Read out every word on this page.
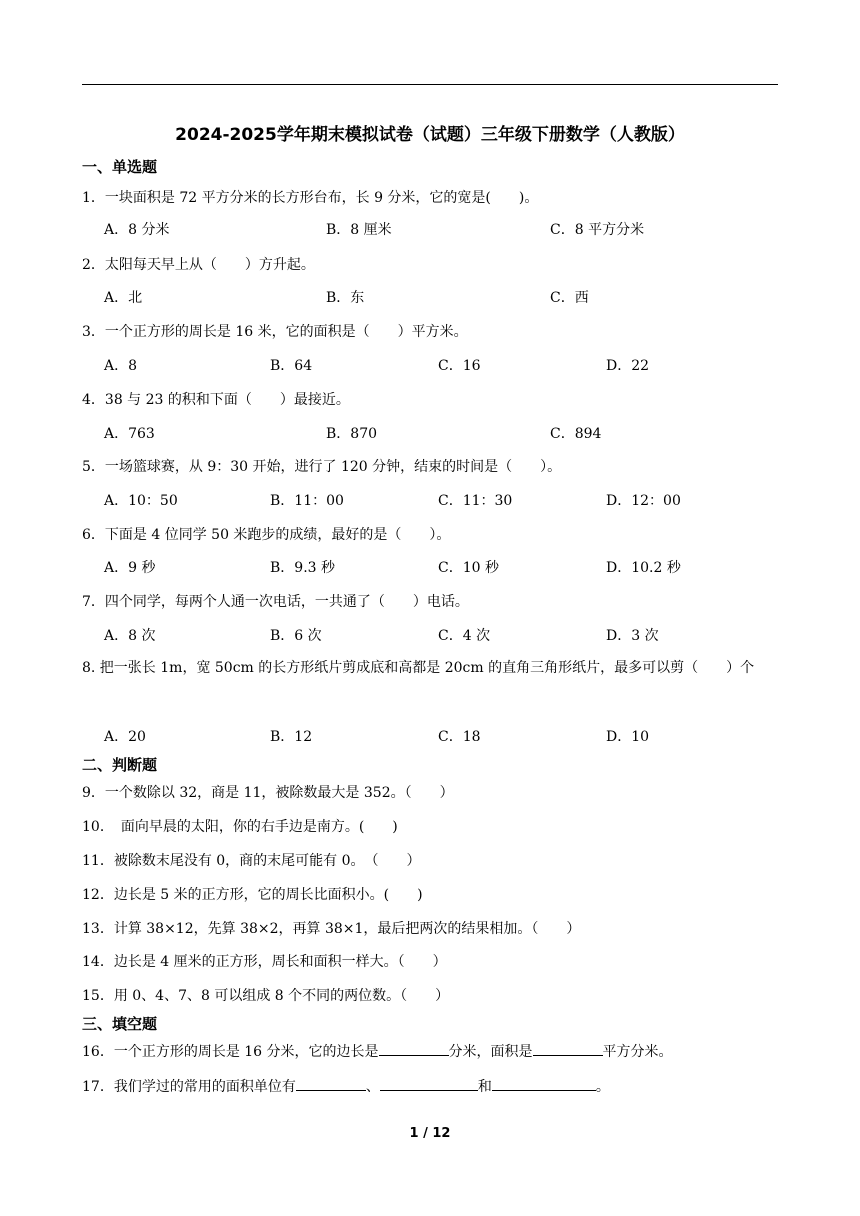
2024-2025学年期末模拟试卷（试题）三年级下册数学（人教版）
一、单选题
1．一块面积是 72 平方分米的长方形台布，长 9 分米，它的宽是(　　)。
A．8 分米	B．8 厘米	C．8 平方分米
2．太阳每天早上从（　　）方升起。
A．北	B．东	C．西
3．一个正方形的周长是 16 米，它的面积是（　　）平方米。
A．8	B．64	C．16	D．22
4．38 与 23 的积和下面（　　）最接近。
A．763	B．870	C．894
5．一场篮球赛，从 9：30 开始，进行了 120 分钟，结束的时间是（　　）。
A．10：50	B．11：00	C．11：30	D．12：00
6．下面是 4 位同学 50 米跑步的成绩，最好的是（　　）。
A．9 秒	B．9.3 秒	C．10 秒	D．10.2 秒
7．四个同学，每两个人通一次电话，一共通了（　　）电话。
A．8 次	B．6 次	C．4 次	D．3 次
8. 把一张长 1m，宽 50cm 的长方形纸片剪成底和高都是 20cm 的直角三角形纸片，最多可以剪（　　）个
A．20	B．12	C．18	D．10
二、判断题
9．一个数除以 32，商是 11，被除数最大是 352。（　　）
10．　面向早晨的太阳，你的右手边是南方。(　　)
11．被除数末尾没有 0，商的末尾可能有 0。　（　　）
12．边长是 5 米的正方形，它的周长比面积小。(　　)
13．计算 38×12，先算 38×2，再算 38×1，最后把两次的结果相加。（　　）
14．边长是 4 厘米的正方形，周长和面积一样大。（　　）
15．用 0、4、7、8 可以组成 8 个不同的两位数。（　　）
三、填空题
16．一个正方形的周长是 16 分米，它的边长是	分米，面积是	平方分米。
17．我们学过的常用的面积单位有	、	和	。
1 / 12
